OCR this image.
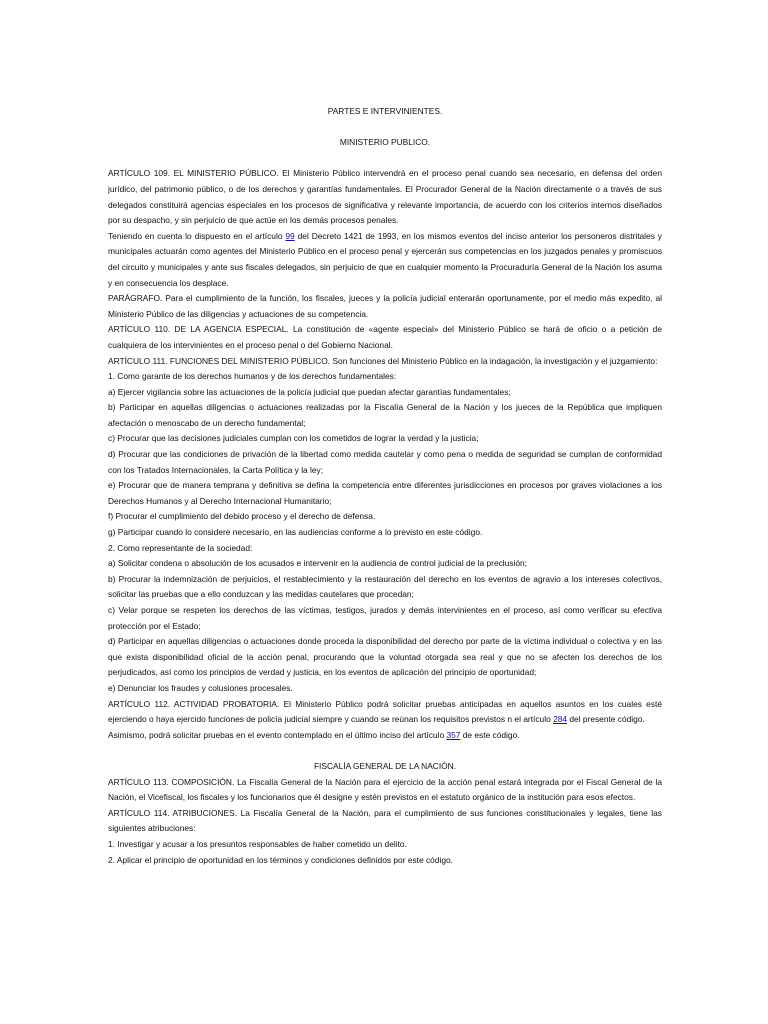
PARTES E INTERVINIENTES.

MINISTERIO PUBLICO.

ARTÍCULO 109. EL MINISTERIO PÚBLICO. El Ministerio Público intervendrá en el proceso penal cuando sea necesario, en defensa del orden jurídico, del patrimonio público, o de los derechos y garantías fundamentales. El Procurador General de la Nación directamente o a través de sus delegados constituirá agencias especiales en los procesos de significativa y relevante importancia, de acuerdo con los criterios internos diseñados por su despacho, y sin perjuicio de que actúe en los demás procesos penales.

Teniendo en cuenta lo dispuesto en el artículo 99 del Decreto 1421 de 1993, en los mismos eventos del inciso anterior los personeros distritales y municipales actuarán como agentes del Ministerio Público en el proceso penal y ejercerán sus competencias en los juzgados penales y promiscuos del circuito y municipales y ante sus fiscales delegados, sin perjuicio de que en cualquier momento la Procuraduría General de la Nación los asuma y en consecuencia los desplace.

PARÁGRAFO. Para el cumplimiento de la función, los fiscales, jueces y la policía judicial enterarán oportunamente, por el medio más expedito, al Ministerio Público de las diligencias y actuaciones de su competencia.

ARTÍCULO 110. DE LA AGENCIA ESPECIAL. La constitución de «agente especial» del Ministerio Público se hará de oficio o a petición de cualquiera de los intervinientes en el proceso penal o del Gobierno Nacional.

ARTÍCULO 111. FUNCIONES DEL MINISTERIO PÚBLICO. Son funciones del Ministerio Público en la indagación, la investigación y el juzgamiento:

1. Como garante de los derechos humanos y de los derechos fundamentales:

a) Ejercer vigilancia sobre las actuaciones de la policía judicial que puedan afectar garantías fundamentales;

b) Participar en aquellas diligencias o actuaciones realizadas por la Fiscalía General de la Nación y los jueces de la República que impliquen afectación o menoscabo de un derecho fundamental;

c) Procurar que las decisiones judiciales cumplan con los cometidos de lograr la verdad y la justicia;

d) Procurar que las condiciones de privación de la libertad como medida cautelar y como pena o medida de seguridad se cumplan de conformidad con los Tratados Internacionales, la Carta Política y la ley;

e) Procurar que de manera temprana y definitiva se defina la competencia entre diferentes jurisdicciones en procesos por graves violaciones a los Derechos Humanos y al Derecho Internacional Humanitario;

f) Procurar el cumplimiento del debido proceso y el derecho de defensa.

g) Participar cuando lo considere necesario, en las audiencias conforme a lo previsto en este código.

2. Como representante de la sociedad:

a) Solicitar condena o absolución de los acusados e intervenir en la audiencia de control judicial de la preclusión;

b) Procurar la indemnización de perjuicios, el restablecimiento y la restauración del derecho en los eventos de agravio a los intereses colectivos, solicitar las pruebas que a ello conduzcan y las medidas cautelares que procedan;

c) Velar porque se respeten los derechos de las víctimas, testigos, jurados y demás intervinientes en el proceso, así como verificar su efectiva protección por el Estado;

d) Participar en aquellas diligencias o actuaciones donde proceda la disponibilidad del derecho por parte de la víctima individual o colectiva y en las que exista disponibilidad oficial de la acción penal, procurando que la voluntad otorgada sea real y que no se afecten los derechos de los perjudicados, así como los principios de verdad y justicia, en los eventos de aplicación del principio de oportunidad;

e) Denunciar los fraudes y colusiones procesales.

ARTÍCULO 112. ACTIVIDAD PROBATORIA. El Ministerio Público podrá solicitar pruebas anticipadas en aquellos asuntos en los cuales esté ejerciendo o haya ejercido funciones de policía judicial siempre y cuando se reúnan los requisitos previstos n el artículo 284 del presente código.

Asimismo, podrá solicitar pruebas en el evento contemplado en el último inciso del artículo 357 de este código.

FISCALÍA GENERAL DE LA NACIÓN.

ARTÍCULO 113. COMPOSICIÓN. La Fiscalía General de la Nación para el ejercicio de la acción penal estará integrada por el Fiscal General de la Nación, el Vicefiscal, los fiscales y los funcionarios que él designe y estén previstos en el estatuto orgánico de la institución para esos efectos.

ARTÍCULO 114. ATRIBUCIONES. La Fiscalía General de la Nación, para el cumplimiento de sus funciones constitucionales y legales, tiene las siguientes atribuciones:

1. Investigar y acusar a los presuntos responsables de haber cometido un delito.

2. Aplicar el principio de oportunidad en los términos y condiciones definidos por este código.
